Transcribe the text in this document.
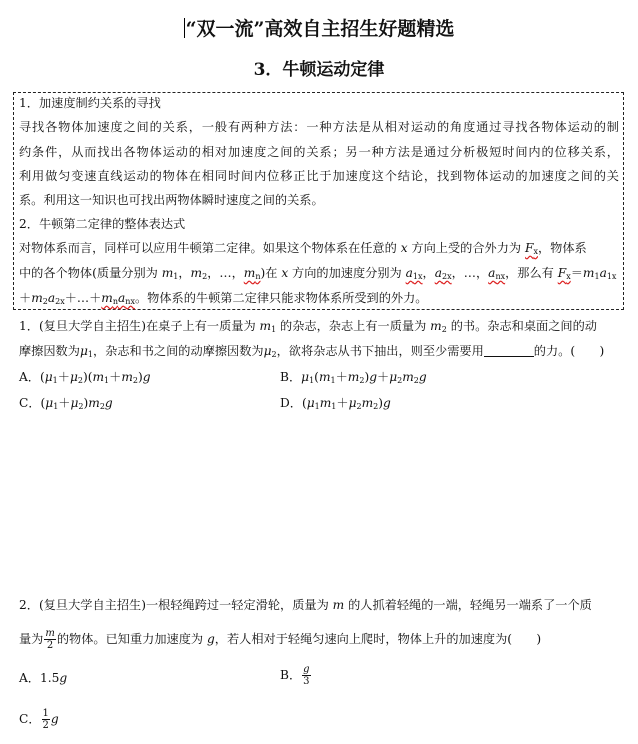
“双一流”高效自主招生好题精选
3．牛顿运动定律
1．加速度制约关系的寻找
寻找各物体加速度之间的关系，一般有两种方法：一种方法是从相对运动的角度通过寻找各物体运动的制
约条件，从而找出各物体运动的相对加速度之间的关系；另一种方法是通过分析极短时间内的位移关系，
利用做匀变速直线运动的物体在相同时间内位移正比于加速度这个结论，找到物体运动的加速度之间的关
系。利用这一知识也可找出两物体瞬时速度之间的关系。
2．牛顿第二定律的整体表达式
对物体系而言，同样可以应用牛顿第二定律。如果这个物体系在任意的 x 方向上受的合外力为 $F_x$，物体系
中的各个物体(质量分别为 $m_1$，$m_2$，…，$m_n$)在 x 方向的加速度分别为 $a_{1x}$，$a_{2x}$，…，$a_{nx}$，那么有 $F_x=m_1a_{1x}$
$+m_2a_{2x}+\dots+m_na_{nx}$。物体系的牛顿第二定律只能求物体系所受到的外力。
1．(复旦大学自主招生)在桌子上有一质量为 $m_1$ 的杂志，杂志上有一质量为 $m_2$ 的书。杂志和桌面之间的动
摩擦因数为$\mu_1$，杂志和书之间的动摩擦因数为$\mu_2$，欲将杂志从书下抽出，则至少需要用	的力。(　　)
A．$(\mu_1+\mu_2)(m_1+m_2)g$	B．$\mu_1(m_1+m_2)g+\mu_2m_2g$
C．$(\mu_1+\mu_2)m_2g$	D．$(\mu_1m_1+\mu_2m_2)g$
2．(复旦大学自主招生)一根轻绳跨过一轻定滑轮，质量为 m 的人抓着轻绳的一端，轻绳另一端系了一个质
量为 $\frac{m}{2}$ 的物体。已知重力加速度为 g，若人相对于轻绳匀速向上爬时，物体上升的加速度为(　　)
A．1.5g	B． $\frac{g}{3}$
C． $\frac{1}{2}$ g
